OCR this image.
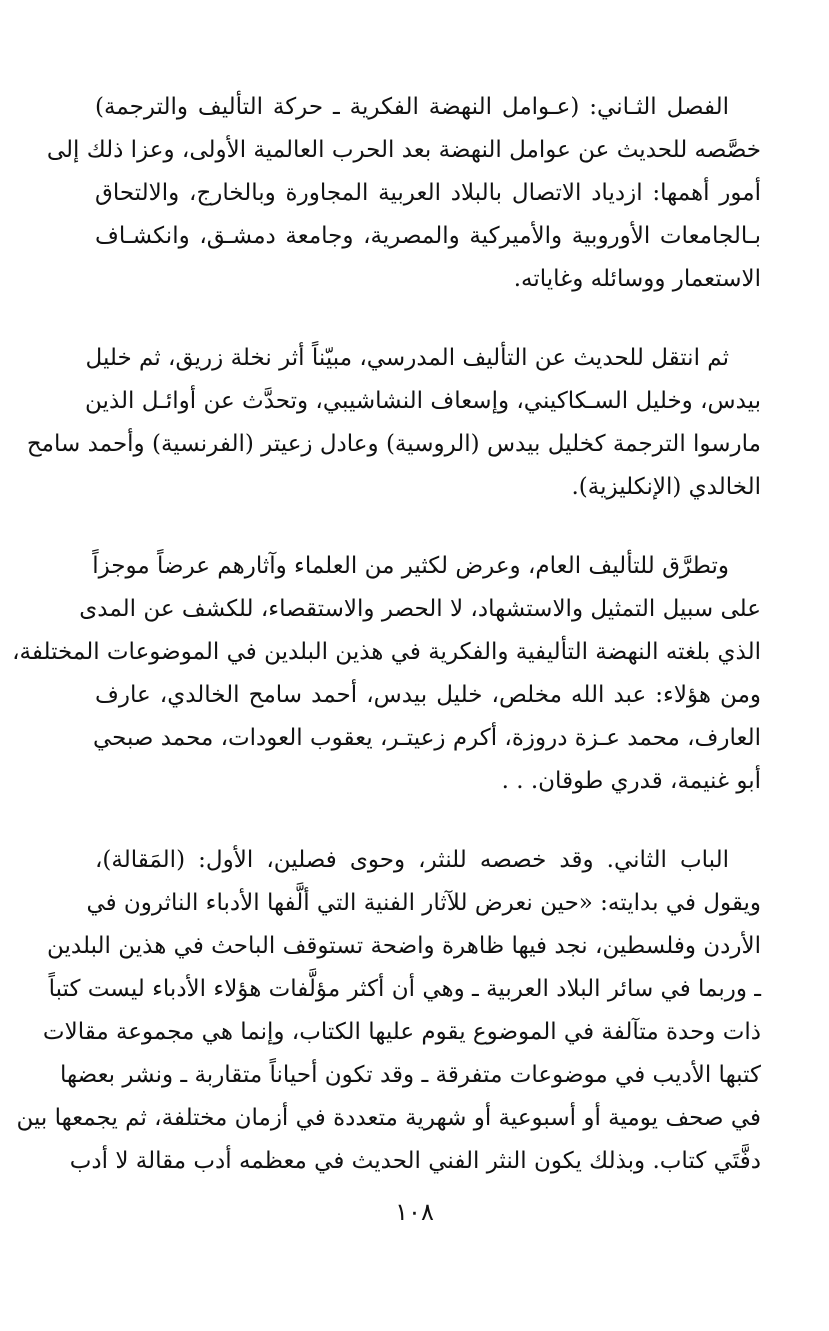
الفصل الثـاني: (عـوامل النهضة الفكرية ـ حركة التأليف والترجمة)
خصَّصه للحديث عن عوامل النهضة بعد الحرب العالمية الأولى، وعزا ذلك إلى
أمور أهمها: ازدياد الاتصال بالبلاد العربية المجاورة وبالخارج، والالتحاق
بـالجامعات الأوروبية والأميركية والمصرية، وجامعة دمشـق، وانكشـاف
الاستعمار ووسائله وغاياته.

ثم انتقل للحديث عن التأليف المدرسي، مبيّناً أثر نخلة زريق، ثم خليل
بيدس، وخليل السـكاكيني، وإسعاف النشاشيبي، وتحدَّث عن أوائـل الذين
مارسوا الترجمة كخليل بيدس (الروسية) وعادل زعيتر (الفرنسية) وأحمد سامح
الخالدي (الإنكليزية).

وتطرَّق للتأليف العام، وعرض لكثير من العلماء وآثارهم عرضاً موجزاً
على سبيل التمثيل والاستشهاد، لا الحصر والاستقصاء، للكشف عن المدى
الذي بلغته النهضة التأليفية والفكرية في هذين البلدين في الموضوعات المختلفة،
ومن هؤلاء: عبد الله مخلص، خليل بيدس، أحمد سامح الخالدي، عارف
العارف، محمد عـزة دروزة، أكرم زعيتـر، يعقوب العودات، محمد صبحي
أبو غنيمة، قدري طوقان. . .

الباب الثاني. وقد خصصه للنثر، وحوى فصلين، الأول: (المَقالة)،
ويقول في بدايته: «حين نعرض للآثار الفنية التي ألَّفها الأدباء الناثرون في
الأردن وفلسطين، نجد فيها ظاهرة واضحة تستوقف الباحث في هذين البلدين
ـ وربما في سائر البلاد العربية ـ وهي أن أكثر مؤلَّفات هؤلاء الأدباء ليست كتباً
ذات وحدة متآلفة في الموضوع يقوم عليها الكتاب، وإنما هي مجموعة مقالات
كتبها الأديب في موضوعات متفرقة ـ وقد تكون أحياناً متقاربة ـ ونشر بعضها
في صحف يومية أو أسبوعية أو شهرية متعددة في أزمان مختلفة، ثم يجمعها بين
دفَّتَي كتاب. وبذلك يكون النثر الفني الحديث في معظمه أدب مقالة لا أدب

١٠٨
